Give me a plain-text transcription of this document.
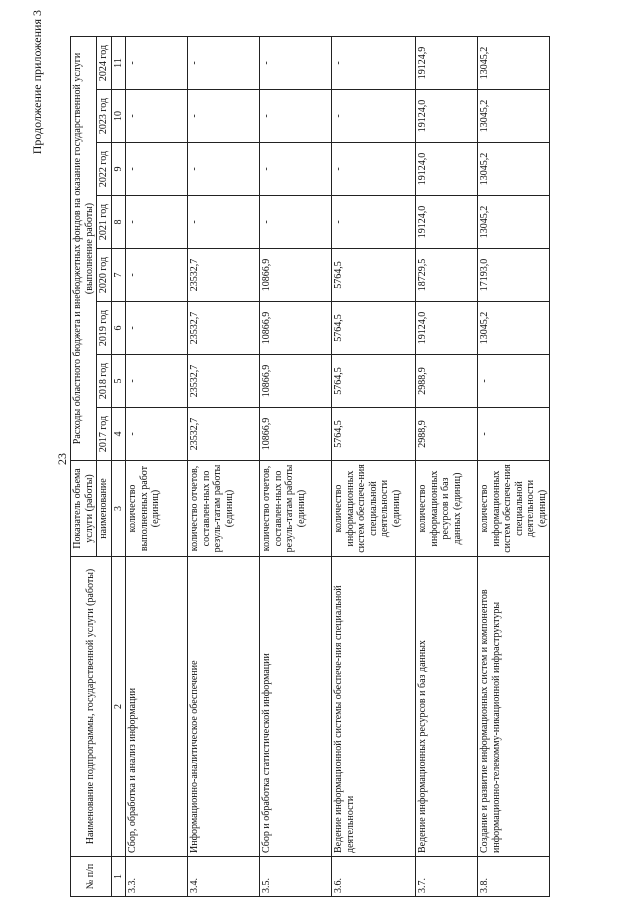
23
Продолжение приложения 3
№ п/п	Наименование подпрограммы, государственной услуги (работы)	Показатель объема услуги (работы)	Расходы областного бюджета и внебюджетных фондов на оказание государственной услуги (выполнение работы)							
		наименование	2017 год	2018 год	2019 год	2020 год	2021 год	2022 год	2023 год	2024 год

1	2	3	4	5	6	7	8	9	10	11
3.3.	Сбор, обработка и анализ информации	количество выполненных работ (единиц)	-	-	-	-	-	-	-	-
3.4.	Информационно-аналитическое обеспечение	количество отчетов, составлен-ных по резуль-татам работы (единиц)	23532,7	23532,7	23532,7	23532,7	-	-	-	-
3.5.	Сбор и обработка статистической информации	количество отчетов, составлен-ных по резуль-татам работы (единиц)	10866,9	10866,9	10866,9	10866,9	-	-	-	-
3.6.	Ведение информационной системы обеспече-ния специальной деятельности	количество информационных систем обеспече-ния специальной деятельности (единиц)	5764,5	5764,5	5764,5	5764,5	-	-	-	-
3.7.	Ведение информационных ресурсов и баз данных	количество информационных ресурсов и баз данных (единиц)	2988,9	2988,9	19124,0	18729,5	19124,0	19124,0	19124,0	19124,9
3.8.	Создание и развитие информационных систем и компонентов информационно-телекомму-никационной инфраструктуры	количество информационных систем обеспече-ния специальной деятельности (единиц)	-	-	13045,2	17193,0	13045,2	13045,2	13045,2	13045,2
